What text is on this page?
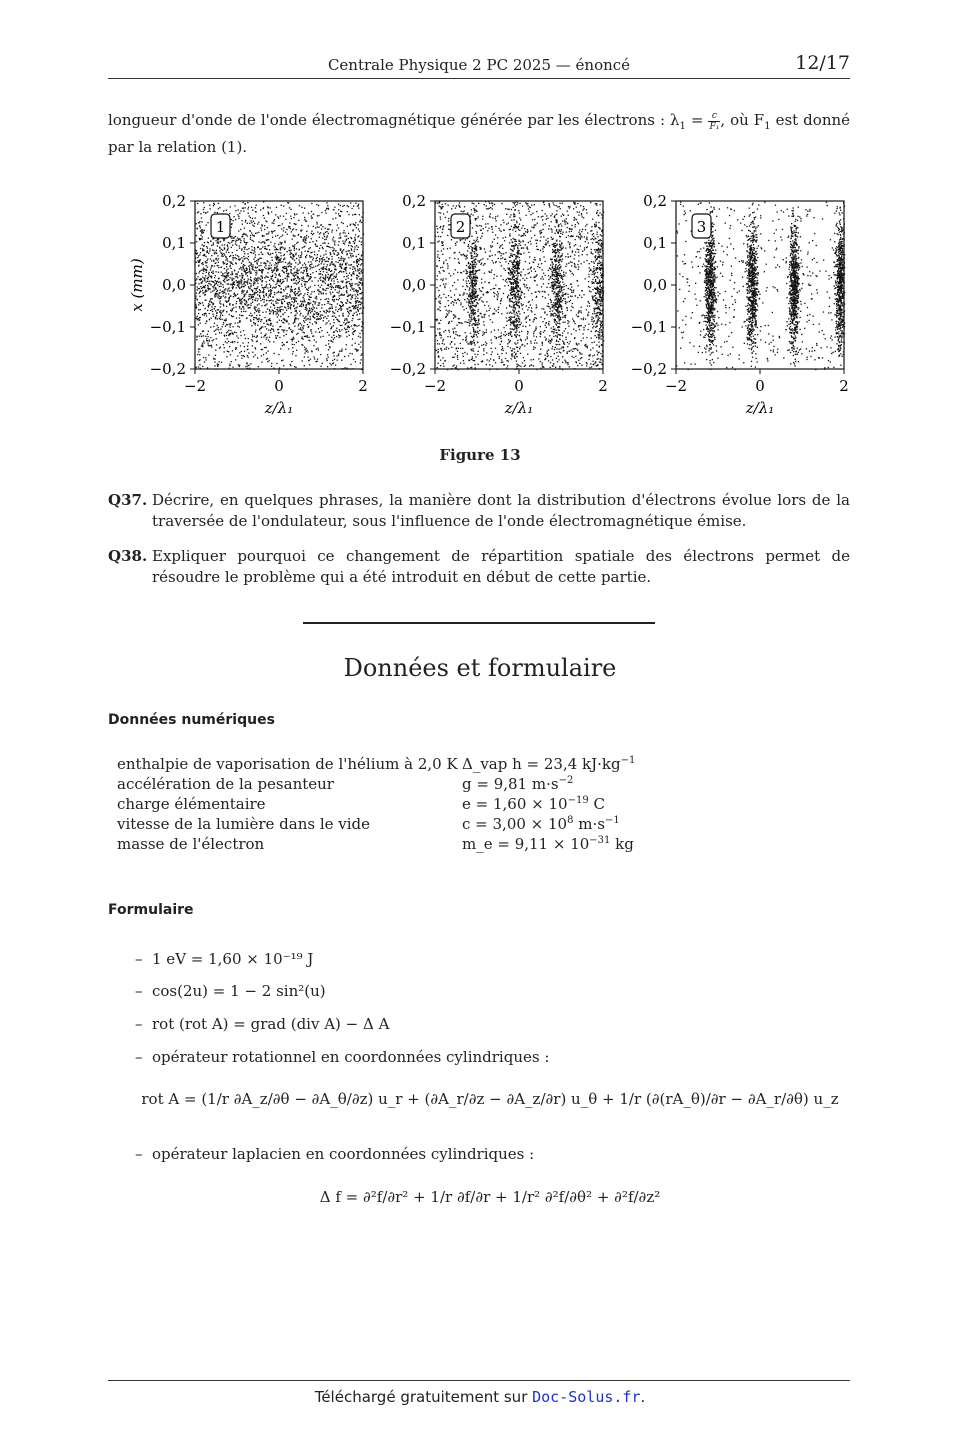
Centrale Physique 2 PC 2025 — énoncé	12/17
longueur d'onde de l'onde électromagnétique générée par les électrons : $\lambda_1 = \frac{c}{\text{F₁}}$ , où $F_1$ est donné par la relation (1).
x (mm)
0,2
0,1
0,0
−0,1
−0,2
−2	0	2
z/λ₁
1
0,2
0,1
0,0
−0,1
−0,2
−2	0	2
z/λ₁
2
0,2
0,1
0,0
−0,1
−0,2
−2	0	2
z/λ₁
3
Figure 13
Q37. Décrire, en quelques phrases, la manière dont la distribution d'électrons évolue lors de la traversée de l'ondulateur, sous l'influence de l'onde électromagnétique émise.
Q38. Expliquer pourquoi ce changement de répartition spatiale des électrons permet de résoudre le problème qui a été introduit en début de cette partie.
Données et formulaire
Données numériques
enthalpie de vaporisation de l'hélium à 2,0 K Δ_vap h = 23,4 $kJ\cdot kg^{-1}$
accélération de la pesanteur	g = 9,81 $m\cdot s^{-2}$
charge élémentaire	$e = 1,60 \times 10^{-19}$ C
vitesse de la lumière dans le vide	$c = 3,00 \times 10^8$ $m\cdot s^{-1}$
masse de l'électron	m_e = $9,11 \times 10^{-31}$ kg
Formulaire
– 1 eV = 1,60 × 10⁻¹⁹ J
– cos(2u) = 1 − 2 sin²(u)
– rot (rot A) = grad (div A) − Δ A
– opérateur rotationnel en coordonnées cylindriques :
rot A = (1/r ∂A_z/∂θ − ∂A_θ/∂z) u_r + (∂A_r/∂z − ∂A_z/∂r) u_θ + 1/r (∂(rA_θ)/∂r − ∂A_r/∂θ) u_z
– opérateur laplacien en coordonnées cylindriques :
Δ f = ∂²f/∂r² + 1/r ∂f/∂r + 1/r² ∂²f/∂θ² + ∂²f/∂z²
Téléchargé gratuitement sur Doc-Solus.fr.
